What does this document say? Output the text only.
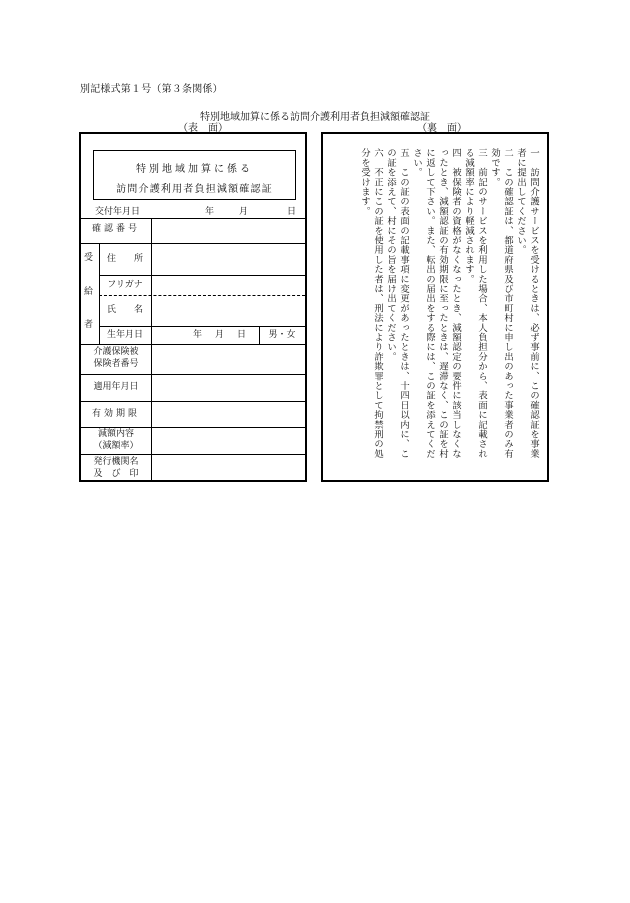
別記様式第１号（第３条関係）
特別地域加算に係る訪問介護利用者負担減額確認証
（表　面）	（裏　面）
特別地域加算に係る
訪問介護利用者負担減額確認証
交付年月日	年	月	日
確認番号
受
給
者
住　　所
フリガナ
氏　　名
生年月日	年 月 日	男・女
介護保険被
保険者番号
適用年月日
有効期限
減額内容
（減額率）
発行機関名
及　び　印

一　訪問介護サービスを受けるときは、必ず事前に、この確認証を事業者に提出してください。

二　この確認証は、都道府県及び市町村に申し出のあった事業者のみ有効です。

三　前記のサービスを利用した場合、本人負担分から、表面に記載される減額率により軽減されます。

四　被保険者の資格がなくなったとき、減額認定の要件に該当しなくなったとき、減額認証の有効期限に至ったときは、遅滞なく、この証を村に返して下さい。また、転出の届出をする際には、この証を添えてください。

五　この証の表面の記載事項に変更があったときは、十四日以内に、この証を添えて、村にその旨を届け出てください。

六　不正にこの証を使用した者は、刑法により詐欺罪として拘禁刑の処分を受けます。
